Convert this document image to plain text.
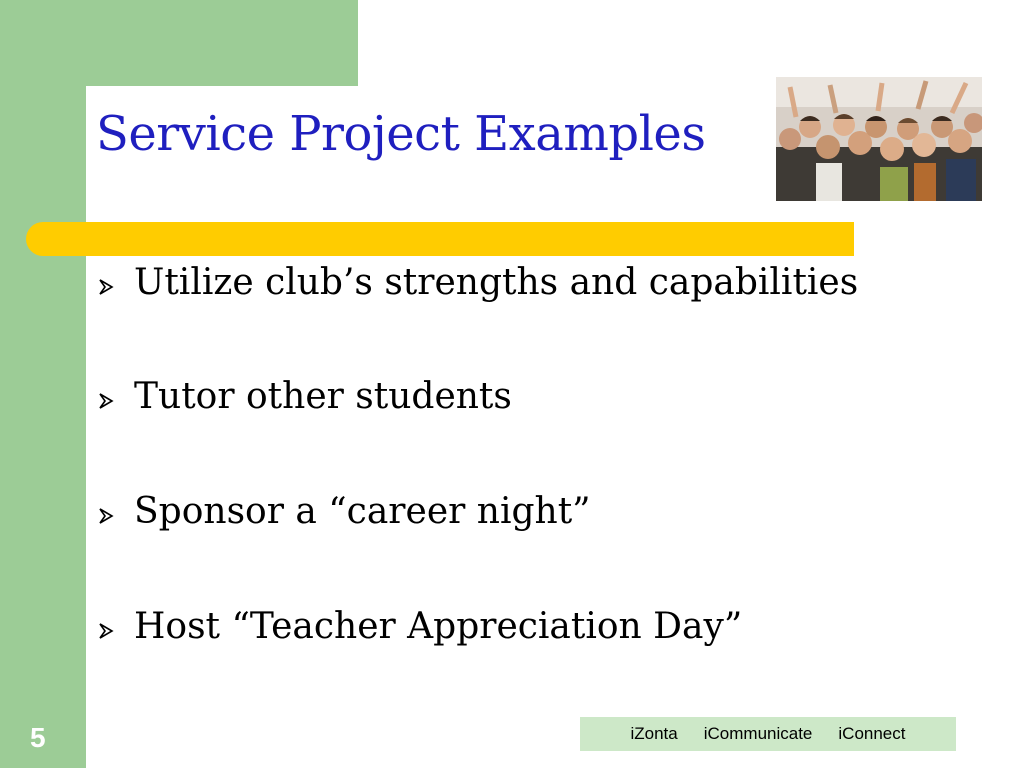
Service Project Examples
Utilize club’s strengths and capabilities
Tutor other students
Sponsor a “career night”
Host “Teacher Appreciation Day”
5	iZonta iCommunicate iConnect
